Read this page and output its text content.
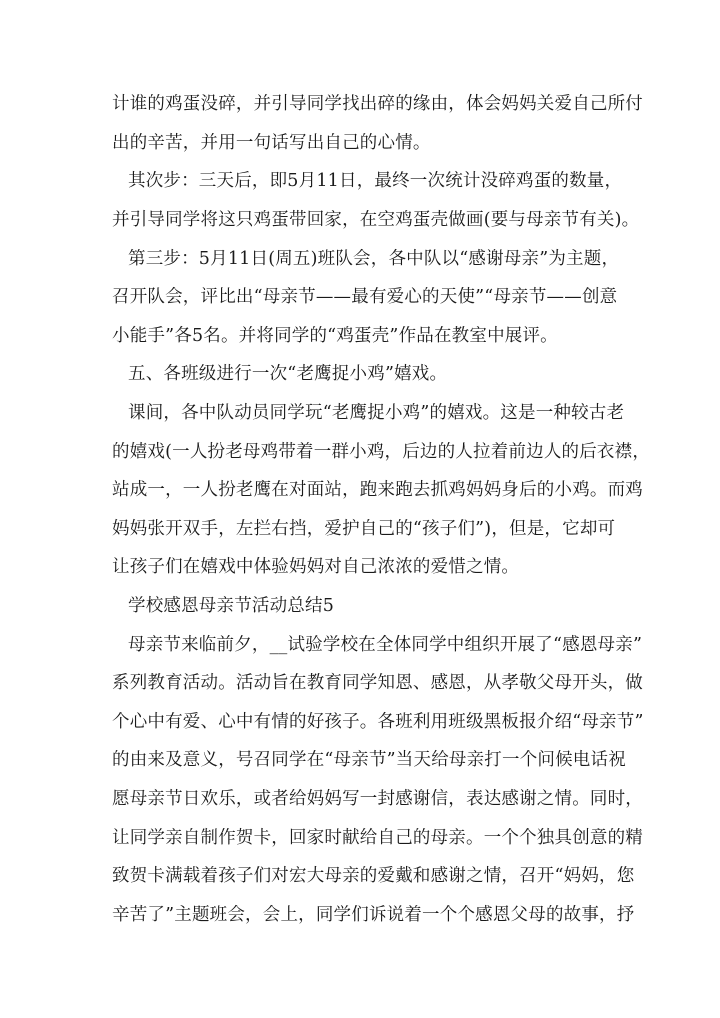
计谁的鸡蛋没碎，并引导同学找出碎的缘由，体会妈妈关爱自己所付
出的辛苦，并用一句话写出自己的心情。
其次步：三天后，即5月11日，最终一次统计没碎鸡蛋的数量，
并引导同学将这只鸡蛋带回家，在空鸡蛋壳做画(要与母亲节有关)。
第三步：5月11日(周五)班队会，各中队以“感谢母亲”为主题，
召开队会，评比出“母亲节——最有爱心的天使”“母亲节——创意
小能手”各5名。并将同学的“鸡蛋壳”作品在教室中展评。
五、各班级进行一次“老鹰捉小鸡”嬉戏。
课间，各中队动员同学玩“老鹰捉小鸡”的嬉戏。这是一种较古老
的嬉戏(一人扮老母鸡带着一群小鸡，后边的人拉着前边人的后衣襟，
站成一，一人扮老鹰在对面站，跑来跑去抓鸡妈妈身后的小鸡。而鸡
妈妈张开双手，左拦右挡，爱护自己的“孩子们”)，但是，它却可
让孩子们在嬉戏中体验妈妈对自己浓浓的爱惜之情。
学校感恩母亲节活动总结5
母亲节来临前夕，__试验学校在全体同学中组织开展了“感恩母亲”
系列教育活动。活动旨在教育同学知恩、感恩，从孝敬父母开头，做
个心中有爱、心中有情的好孩子。各班利用班级黑板报介绍“母亲节”
的由来及意义，号召同学在“母亲节”当天给母亲打一个问候电话祝
愿母亲节日欢乐，或者给妈妈写一封感谢信，表达感谢之情。同时，
让同学亲自制作贺卡，回家时献给自己的母亲。一个个独具创意的精
致贺卡满载着孩子们对宏大母亲的爱戴和感谢之情，召开“妈妈，您
辛苦了”主题班会，会上，同学们诉说着一个个感恩父母的故事，抒
